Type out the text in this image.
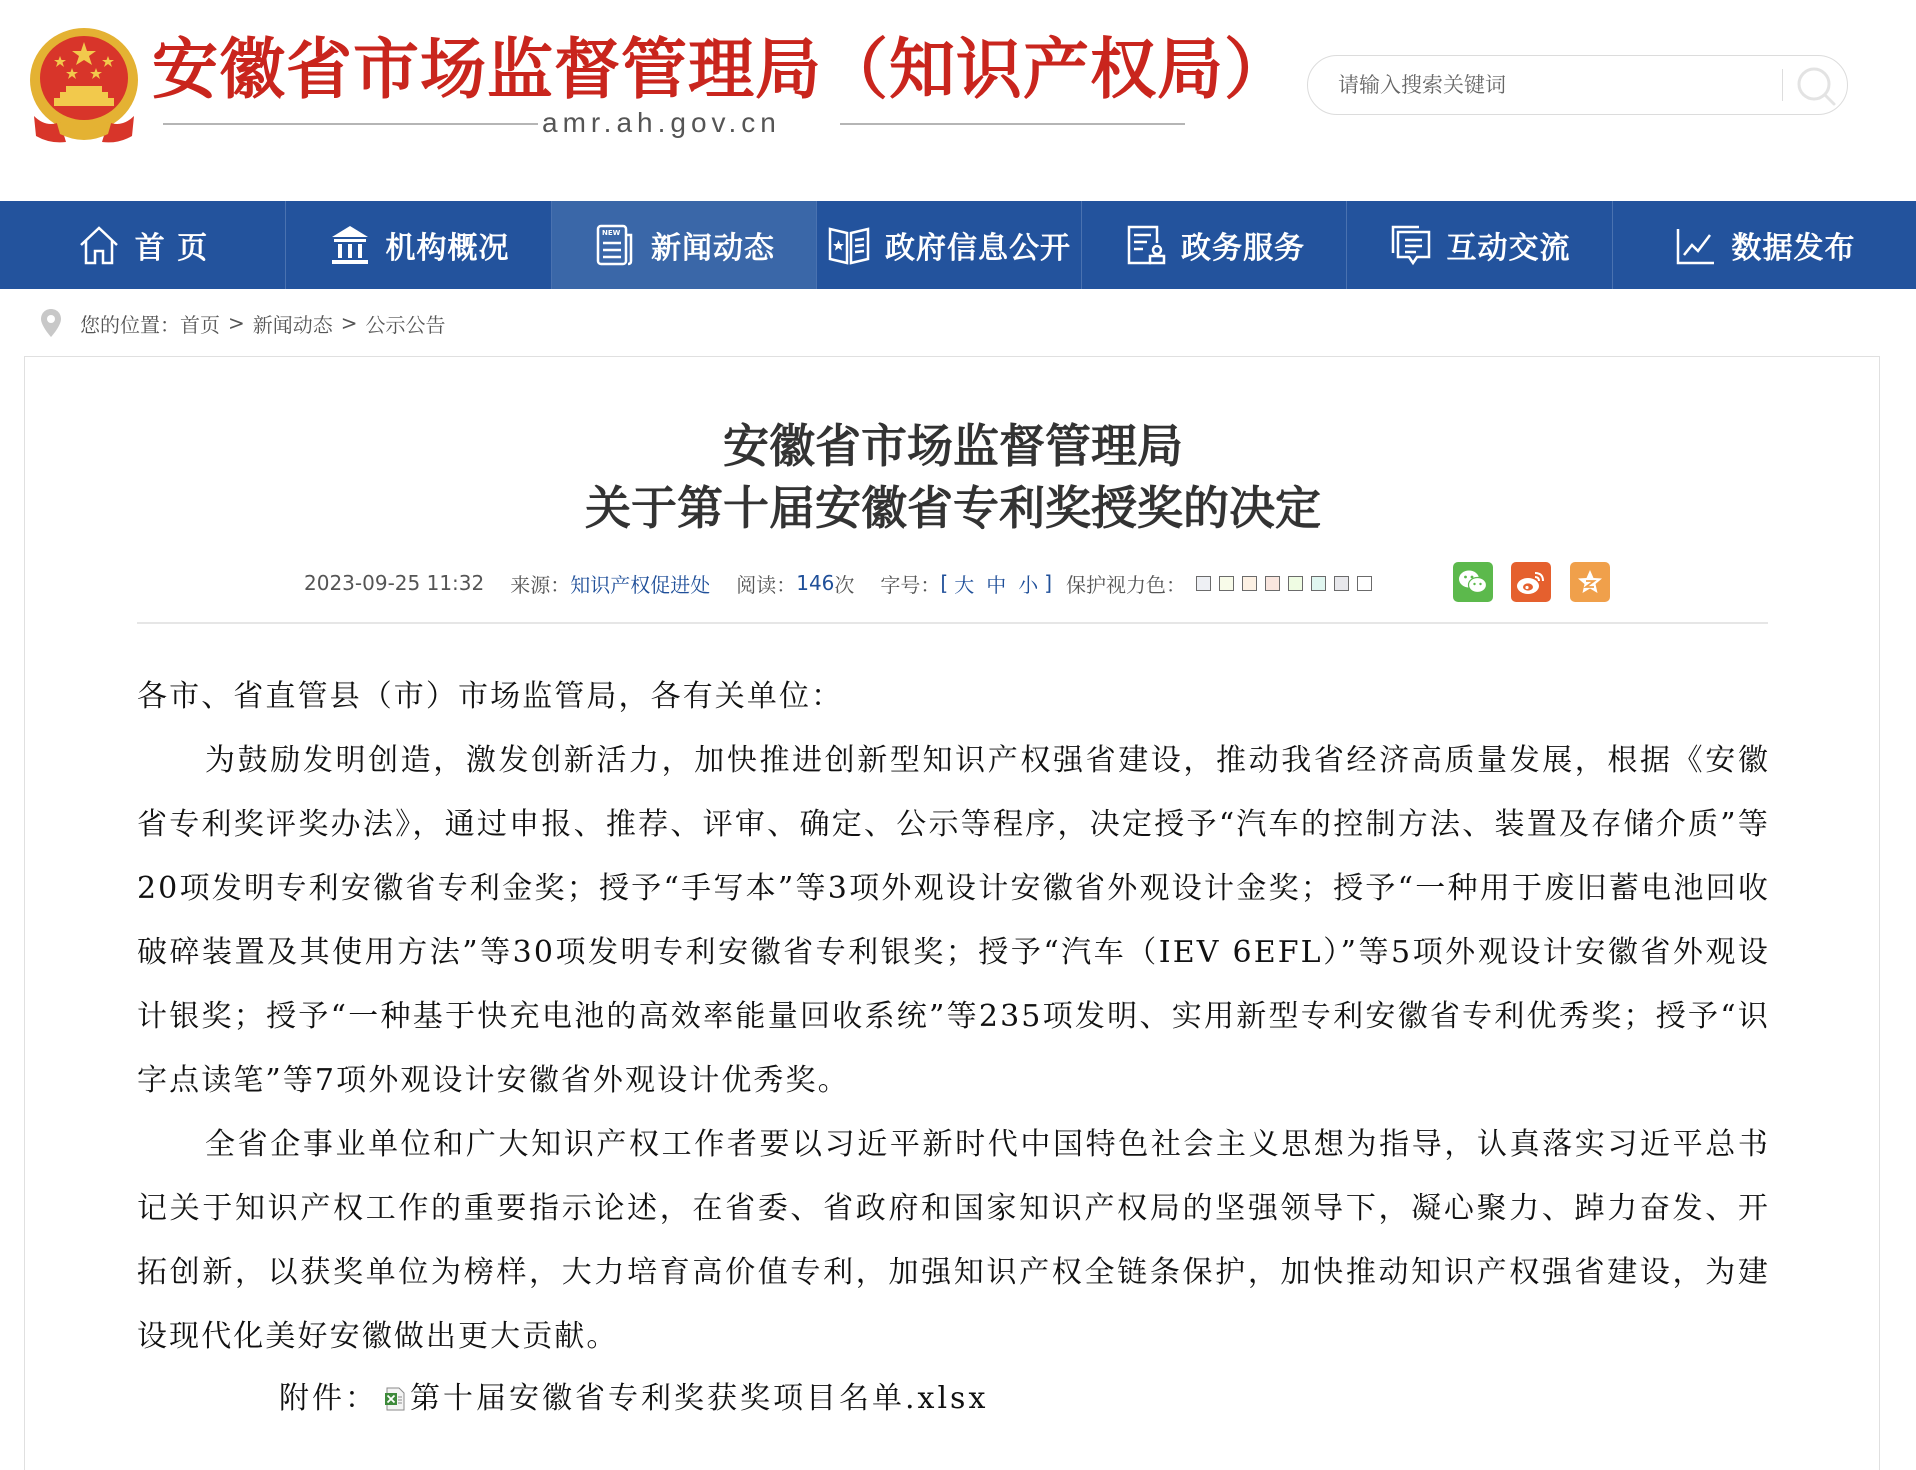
安徽省市场监督管理局（知识产权局）
amr.ah.gov.cn
请输入搜索关键词
首 页	机构概况	NEW 新闻动态	政府信息公开	政务服务	互动交流	数据发布
您的位置： 首页 > 新闻动态 > 公示公告
安徽省市场监督管理局
关于第十届安徽省专利奖授奖的决定
2023-09-25 11:32 来源： 知识产权促进处 阅读： 146 次 字号： [ 大 中 小 ] 保护视力色：

各市、省直管县（市）市场监管局，各有关单位：

为鼓励发明创造，激发创新活力，加快推进创新型知识产权强省建设，推动我省经济高质量发展，根据《安徽省专利奖评奖办法》，通过申报、推荐、评审、确定、公示等程序，决定授予“汽车的控制方法、装置及存储介质”等20项发明专利安徽省专利金奖；授予“手写本”等3项外观设计安徽省外观设计金奖；授予“一种用于废旧蓄电池回收破碎装置及其使用方法”等30项发明专利安徽省专利银奖；授予“汽车（IEV 6EFL）”等5项外观设计安徽省外观设计银奖；授予“一种基于快充电池的高效率能量回收系统”等235项发明、实用新型专利安徽省专利优秀奖；授予“识字点读笔”等7项外观设计安徽省外观设计优秀奖。

全省企事业单位和广大知识产权工作者要以习近平新时代中国特色社会主义思想为指导，认真落实习近平总书记关于知识产权工作的重要指示论述，在省委、省政府和国家知识产权局的坚强领导下，凝心聚力、踔力奋发、开拓创新，以获奖单位为榜样，大力培育高价值专利，加强知识产权全链条保护，加快推动知识产权强省建设，为建设现代化美好安徽做出更大贡献。

附件： 第十届安徽省专利奖获奖项目名单.xlsx
